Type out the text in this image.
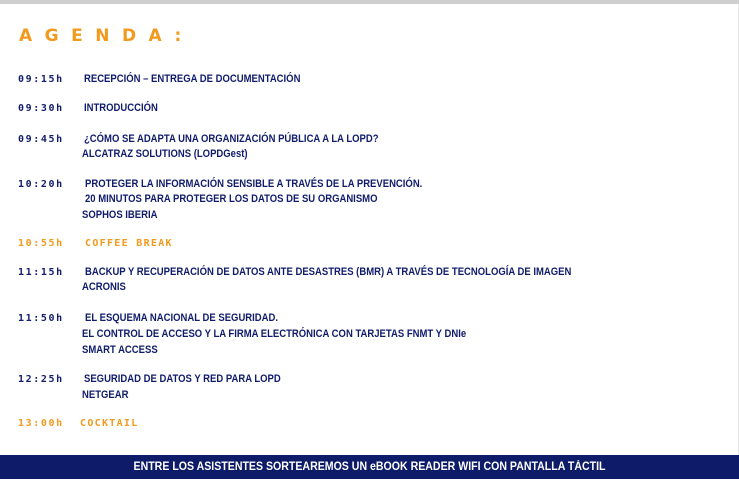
AGENDA:
09:15h RECEPCIÓN – ENTREGA DE DOCUMENTACIÓN
09:30h INTRODUCCIÓN
09:45h ¿CÓMO SE ADAPTA UNA ORGANIZACIÓN PÚBLICA A LA LOPD?
ALCATRAZ SOLUTIONS (LOPDGest)
10:20h PROTEGER LA INFORMACIÓN SENSIBLE A TRAVÉS DE LA PREVENCIÓN.
20 MINUTOS PARA PROTEGER LOS DATOS DE SU ORGANISMO
SOPHOS IBERIA
10:55h COFFEE BREAK
11:15h BACKUP Y RECUPERACIÓN DE DATOS ANTE DESASTRES (BMR) A TRAVÉS DE TECNOLOGÍA DE IMAGEN
ACRONIS
11:50h EL ESQUEMA NACIONAL DE SEGURIDAD.
EL CONTROL DE ACCESO Y LA FIRMA ELECTRÓNICA CON TARJETAS FNMT Y DNIe
SMART ACCESS
12:25h SEGURIDAD DE DATOS Y RED PARA LOPD
NETGEAR
13:00h COCKTAIL
ENTRE LOS ASISTENTES SORTEAREMOS UN eBOOK READER WIFI CON PANTALLA TÁCTIL
